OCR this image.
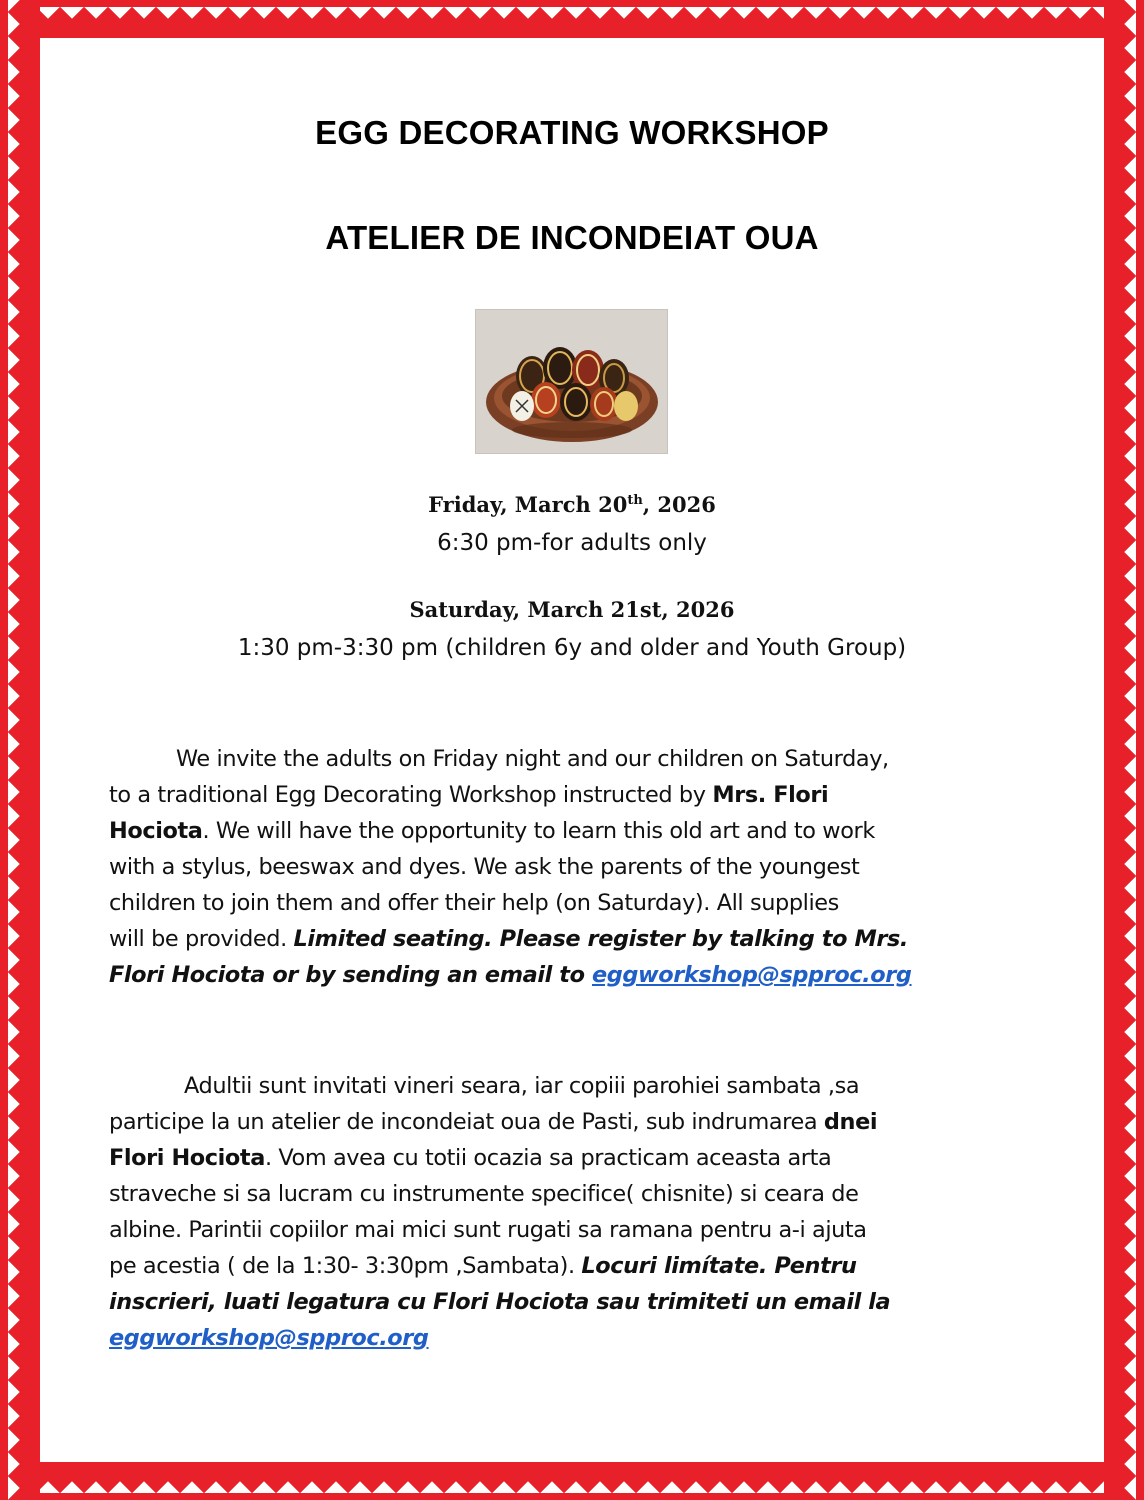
EGG DECORATING WORKSHOP
ATELIER DE INCONDEIAT OUA
Friday, March 20th, 2026
6:30 pm-for adults only
Saturday, March 21st, 2026
1:30 pm-3:30 pm (children 6y and older and Youth Group)
We invite the adults on Friday night and our children on Saturday,
to a traditional Egg Decorating Workshop instructed by Mrs. Flori
Hociota. We will have the opportunity to learn this old art and to work
with a stylus, beeswax and dyes. We ask the parents of the youngest
children to join them and offer their help (on Saturday). All supplies
will be provided. Limited seating. Please register by talking to Mrs.
Flori Hociota or by sending an email to eggworkshop@spproc.org
Adultii sunt invitati vineri seara, iar copiii parohiei sambata ,sa
participe la un atelier de incondeiat oua de Pasti, sub indrumarea dnei
Flori Hociota. Vom avea cu totii ocazia sa practicam aceasta arta
straveche si sa lucram cu instrumente specifice( chisnite) si ceara de
albine. Parintii copiilor mai mici sunt rugati sa ramana pentru a-i ajuta
pe acestia ( de la 1:30- 3:30pm ,Sambata). Locuri limítate. Pentru
inscrieri, luati legatura cu Flori Hociota sau trimiteti un email la
eggworkshop@spproc.org
